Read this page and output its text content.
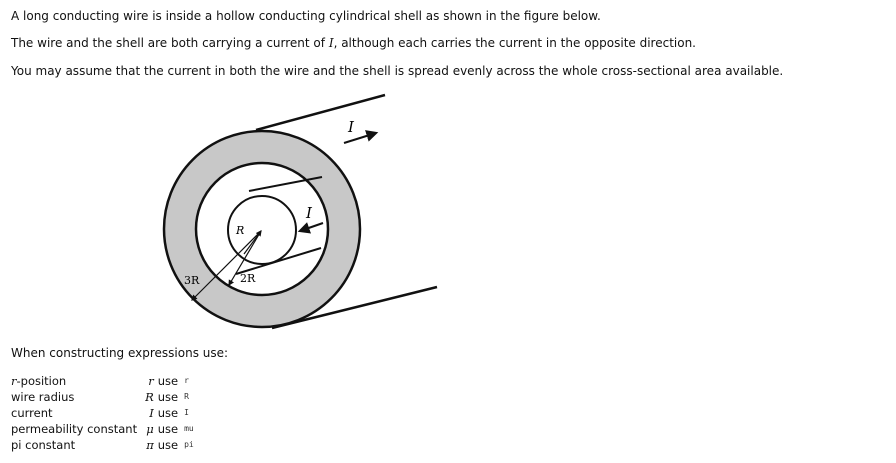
A long conducting wire is inside a hollow conducting cylindrical shell as shown in the figure below.

The wire and the shell are both carrying a current of I, although each carries the current in the opposite direction.

You may assume that the current in both the wire and the shell is spread evenly across the whole cross-sectional area available.

R
2R
3R
I
I
When constructing expressions use:
r-position	r	use	r
wire radius	R	use	R
current	I	use	I
permeability constant	μ	use	mu
pi constant	π	use	pi
